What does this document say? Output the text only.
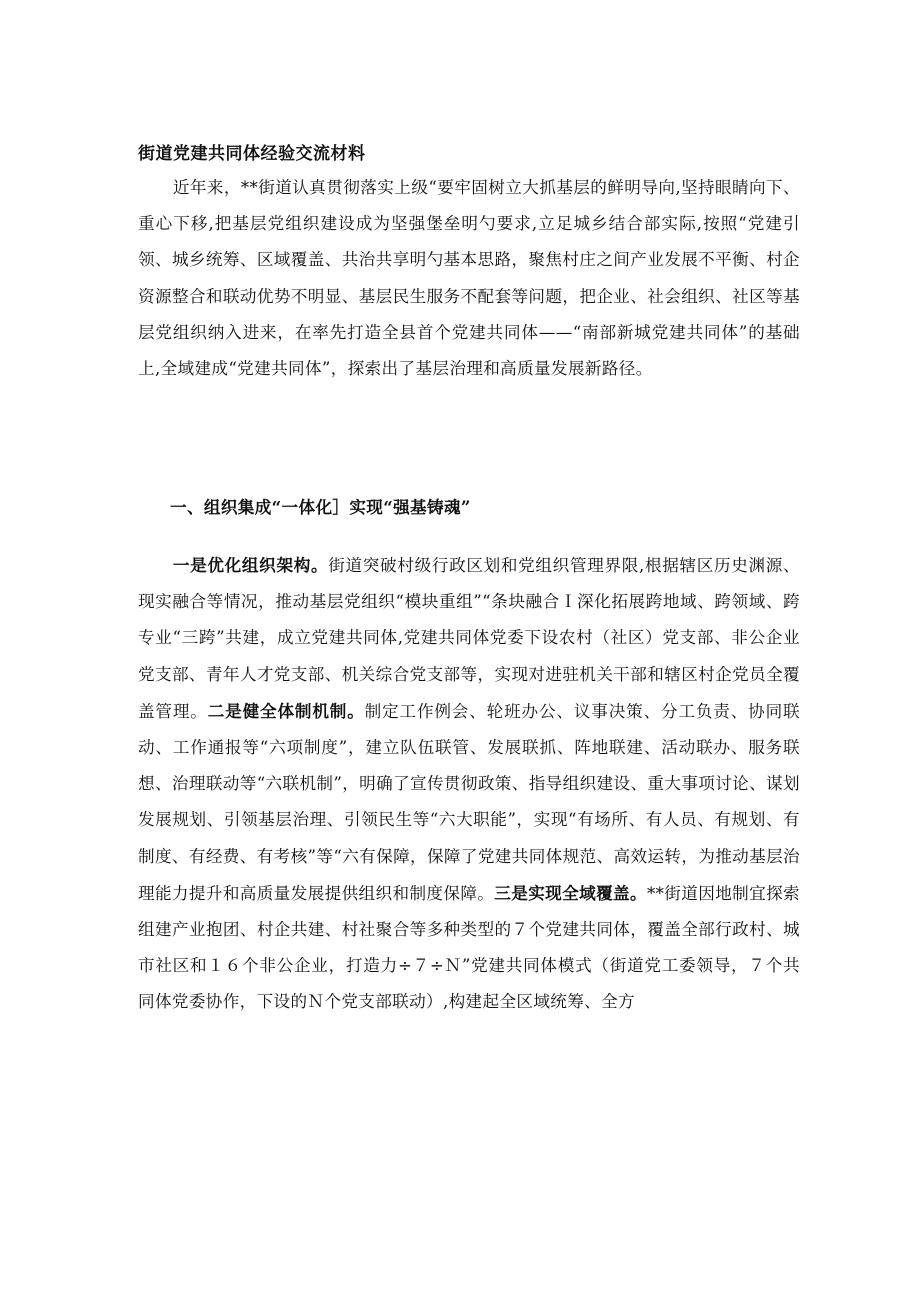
街道党建共同体经验交流材料

近年来，**街道认真贯彻落实上级“要牢固树立大抓基层的鲜明导向,坚持眼睛向下、重心下移,把基层党组织建设成为坚强堡垒明勺要求,立足城乡结合部实际,按照“党建引领、城乡统筹、区域覆盖、共治共享明勺基本思路，聚焦村庄之间产业发展不平衡、村企资源整合和联动优势不明显、基层民生服务不配套等问题，把企业、社会组织、社区等基层党组织纳入进来，在率先打造全县首个党建共同体——“南部新城党建共同体”的基础上,全域建成“党建共同体”，探索出了基层治理和高质量发展新路径。

一、组织集成“一体化］实现“强基铸魂”

一是优化组织架构。街道突破村级行政区划和党组织管理界限,根据辖区历史渊源、现实融合等情况，推动基层党组织“模块重组”“条块融合Ｉ深化拓展跨地域、跨领域、跨专业“三跨”共建，成立党建共同体,党建共同体党委下设农村（社区）党支部、非公企业党支部、青年人才党支部、机关综合党支部等，实现对进驻机关干部和辖区村企党员全覆盖管理。二是健全体制机制。制定工作例会、轮班办公、议事决策、分工负责、协同联动、工作通报等“六项制度”，建立队伍联管、发展联抓、阵地联建、活动联办、服务联想、治理联动等“六联机制”，明确了宣传贯彻政策、指导组织建设、重大事项讨论、谋划发展规划、引领基层治理、引领民生等“六大职能”，实现“有场所、有人员、有规划、有制度、有经费、有考核”等“六有保障，保障了党建共同体规范、高效运转，为推动基层治理能力提升和高质量发展提供组织和制度保障。三是实现全域覆盖。**街道因地制宜探索组建产业抱团、村企共建、村社聚合等多种类型的７个党建共同体，覆盖全部行政村、城市社区和１６个非公企业，打造力÷７÷Ｎ”党建共同体模式（街道党工委领导，７个共同体党委协作，下设的Ｎ个党支部联动）,构建起全区域统筹、全方
